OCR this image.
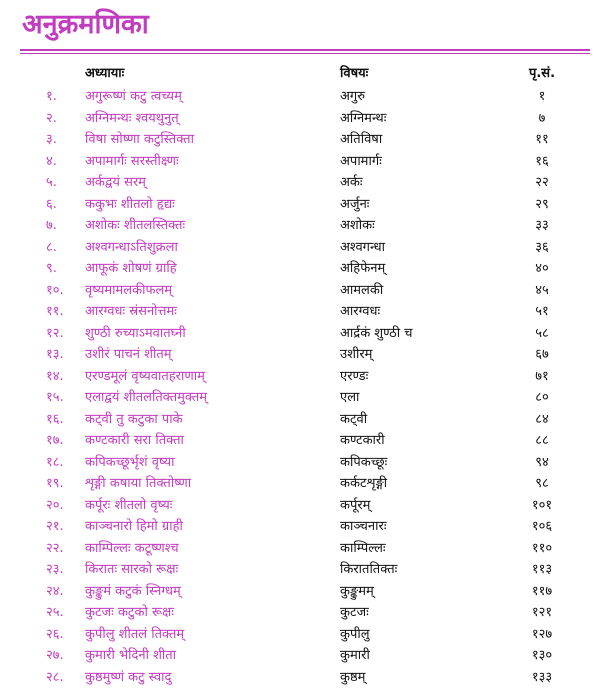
अनुक्रमणिका
अध्यायाः	विषयः	पृ.सं.
१. अगुरूष्णं कटु त्वच्यम्	अगुरु	१
२. अग्निमन्थः श्वयथुनुत्	अग्निमन्थः	७
३. विषा सोष्णा कटुस्तिक्ता	अतिविषा	११
४. अपामार्गः सरस्तीक्ष्णः	अपामार्गः	१६
५. अर्कद्वयं सरम्	अर्कः	२२
६. ककुभः शीतलो हृद्यः	अर्जुनः	२९
७. अशोकः शीतलस्तिक्तः	अशोकः	३३
८. अश्वगन्धाऽतिशुक्रला	अश्वगन्धा	३६
९. आफूकं शोषणं ग्राहि	अहिफेनम्	४०
१०. वृष्यमामलकीफलम्	आमलकी	४५
११. आरग्वधः स्रंसनोत्तमः	आरग्वधः	५१
१२. शुण्ठी रुच्याऽमवातघ्नी	आर्द्रकं शुण्ठी च	५८
१३. उशीरं पाचनं शीतम्	उशीरम्	६७
१४. एरण्डमूलं वृष्यवातहराणाम्	एरण्डः	७१
१५. एलाद्वयं शीतलतिक्तमुक्तम्	एला	८०
१६. कट्वी तु कटुका पाके	कट्वी	८४
१७. कण्टकारी सरा तिक्ता	कण्टकारी	८८
१८. कपिकच्छूर्भृशं वृष्या	कपिकच्छूः	९४
१९. शृङ्गी कषाया तिक्तोष्णा	कर्कटशृङ्गी	९८
२०. कर्पूरः शीतलो वृष्यः	कर्पूरम्	१०१
२१. काञ्चनारो हिमो ग्राही	काञ्चनारः	१०६
२२. काम्पिल्लः कटूष्णश्च	काम्पिल्लः	११०
२३. किरातः सारको रूक्षः	किराततिक्तः	११३
२४. कुङ्कुमं कटुकं स्निग्धम्	कुङ्कुमम्	११७
२५. कुटजः कटुको रूक्षः	कुटजः	१२१
२६. कुपीलु शीतलं तिक्तम्	कुपीलु	१२७
२७. कुमारी भेदिनी शीता	कुमारी	१३०
२८. कुष्ठमुष्णं कटु स्वादु	कुष्ठम्	१३३
